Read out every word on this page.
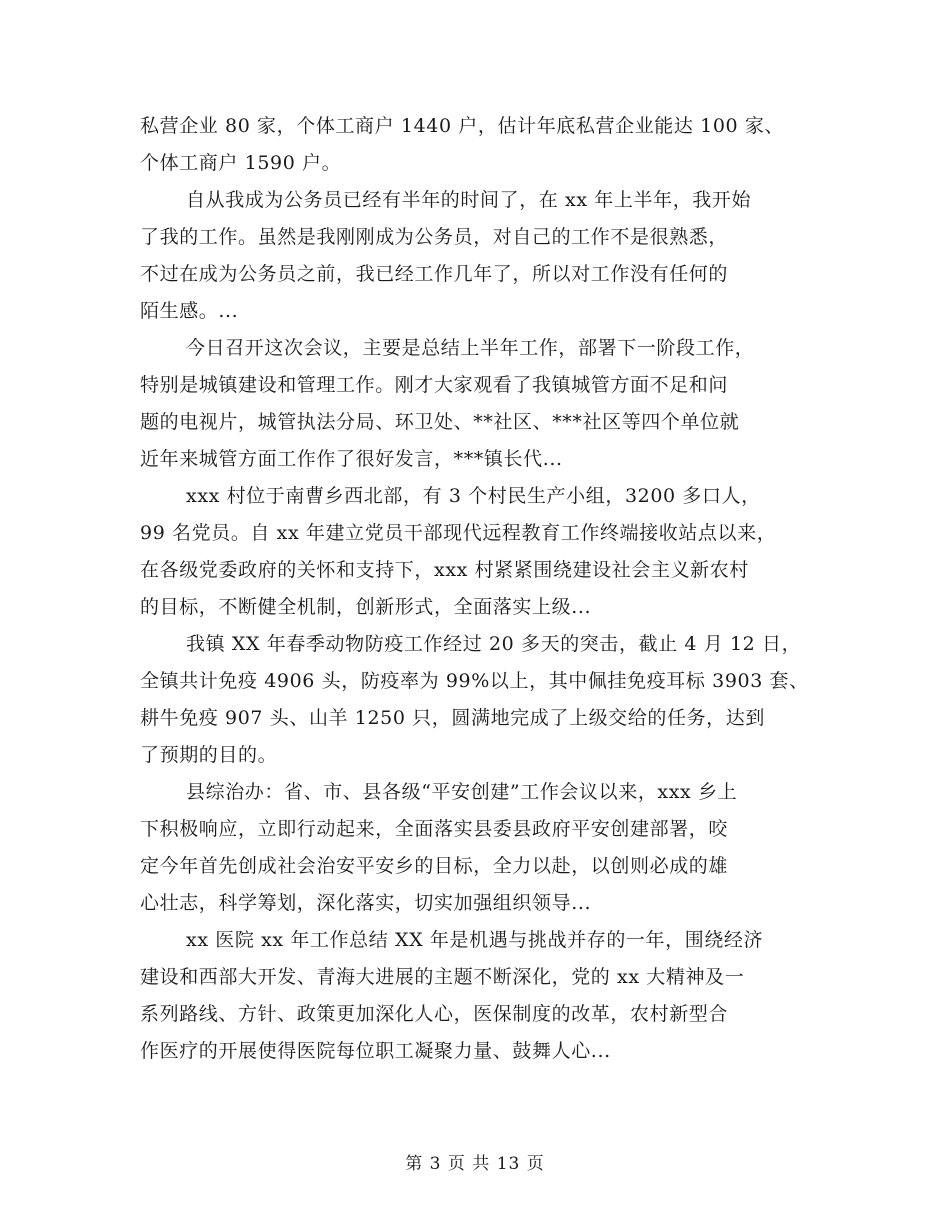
私营企业 80 家，个体工商户 1440 户，估计年底私营企业能达 100 家、
个体工商户 1590 户。

自从我成为公务员已经有半年的时间了，在 xx 年上半年，我开始
了我的工作。虽然是我刚刚成为公务员，对自己的工作不是很熟悉，
不过在成为公务员之前，我已经工作几年了，所以对工作没有任何的
陌生感。...

今日召开这次会议，主要是总结上半年工作，部署下一阶段工作，
特别是城镇建设和管理工作。刚才大家观看了我镇城管方面不足和问
题的电视片，城管执法分局、环卫处、**社区、***社区等四个单位就
近年来城管方面工作作了很好发言，***镇长代...

xxx 村位于南曹乡西北部，有 3 个村民生产小组，3200 多口人，
99 名党员。自 xx 年建立党员干部现代远程教育工作终端接收站点以来，
在各级党委政府的关怀和支持下，xxx 村紧紧围绕建设社会主义新农村
的目标，不断健全机制，创新形式，全面落实上级...

我镇 XX 年春季动物防疫工作经过 20 多天的突击，截止 4 月 12 日，
全镇共计免疫 4906 头，防疫率为 99%以上，其中佩挂免疫耳标 3903 套、
耕牛免疫 907 头、山羊 1250 只，圆满地完成了上级交给的任务，达到
了预期的目的。

县综治办：省、市、县各级“平安创建”工作会议以来，xxx 乡上
下积极响应，立即行动起来，全面落实县委县政府平安创建部署，咬
定今年首先创成社会治安平安乡的目标，全力以赴，以创则必成的雄
心壮志，科学筹划，深化落实，切实加强组织领导...

xx 医院 xx 年工作总结 XX 年是机遇与挑战并存的一年，围绕经济
建设和西部大开发、青海大进展的主题不断深化，党的 xx 大精神及一
系列路线、方针、政策更加深化人心，医保制度的改革，农村新型合
作医疗的开展使得医院每位职工凝聚力量、鼓舞人心...

第 3 页 共 13 页
